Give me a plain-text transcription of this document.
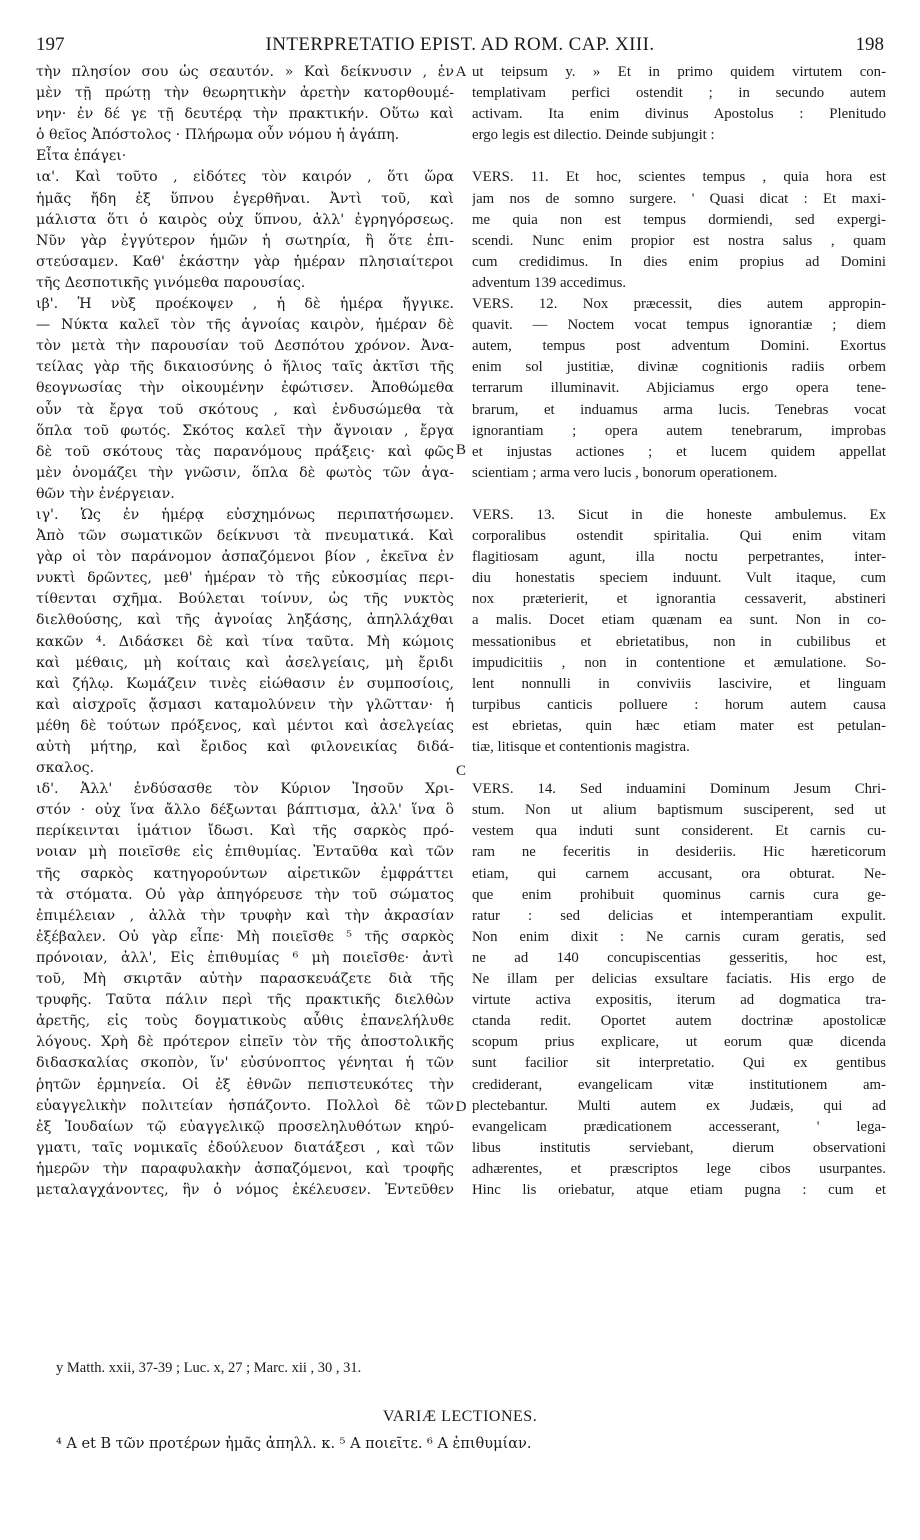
197	INTERPRETATIO EPIST. AD ROM. CAP. XIII.	198
τὴν πλησίον σου ὡς σεαυτόν. » Καὶ δείκνυσιν , ἐν
μὲν τῇ πρώτῃ τὴν θεωρητικὴν ἀρετὴν κατορθουμέ-
νην· ἐν δέ γε τῇ δευτέρᾳ τὴν πρακτικήν. Οὕτω καὶ
ὁ θεῖος Ἀπόστολος · Πλήρωμα οὖν νόμου ἡ ἀγάπη.
Εἶτα ἐπάγει·
ια'. Καὶ τοῦτο , εἰδότες τὸν καιρόν , ὅτι ὥρα
ἡμᾶς ἤδη ἐξ ὕπνου ἐγερθῆναι. Ἀντὶ τοῦ, καὶ
μάλιστα ὅτι ὁ καιρὸς οὐχ ὕπνου, ἀλλ' ἐγρηγόρσεως.
Νῦν γὰρ ἐγγύτερον ἡμῶν ἡ σωτηρία, ἢ ὅτε ἐπι-
στεύσαμεν. Καθ' ἑκάστην γὰρ ἡμέραν πλησιαίτεροι
τῆς Δεσποτικῆς γινόμεθα παρουσίας.
ιβ'. Ἡ νὺξ προέκοψεν , ἡ δὲ ἡμέρα ἤγγικε.
— Νύκτα καλεῖ τὸν τῆς ἀγνοίας καιρὸν, ἡμέραν δὲ
τὸν μετὰ τὴν παρουσίαν τοῦ Δεσπότου χρόνον. Ἀνα-
τείλας γὰρ τῆς δικαιοσύνης ὁ ἥλιος ταῖς ἀκτῖσι τῆς
θεογνωσίας τὴν οἰκουμένην ἐφώτισεν. Ἀποθώμεθα
οὖν τὰ ἔργα τοῦ σκότους , καὶ ἐνδυσώμεθα τὰ
ὅπλα τοῦ φωτός. Σκότος καλεῖ τὴν ἄγνοιαν , ἔργα
δὲ τοῦ σκότους τὰς παρανόμους πράξεις· καὶ φῶς
μὲν ὀνομάζει τὴν γνῶσιν, ὅπλα δὲ φωτὸς τῶν ἀγα-
θῶν τὴν ἐνέργειαν.
ιγ'. Ὡς ἐν ἡμέρᾳ εὐσχημόνως περιπατήσωμεν.
Ἀπὸ τῶν σωματικῶν δείκνυσι τὰ πνευματικά. Καὶ
γὰρ οἱ τὸν παράνομον ἀσπαζόμενοι βίον , ἐκεῖνα ἐν
νυκτὶ δρῶντες, μεθ' ἡμέραν τὸ τῆς εὐκοσμίας περι-
τίθενται σχῆμα. Βούλεται τοίνυν, ὡς τῆς νυκτὸς
διελθούσης, καὶ τῆς ἀγνοίας ληξάσης, ἀπηλλάχθαι
κακῶν ⁴. Διδάσκει δὲ καὶ τίνα ταῦτα. Μὴ κώμοις
καὶ μέθαις, μὴ κοίταις καὶ ἀσελγείαις, μὴ ἔριδι
καὶ ζήλῳ. Κωμάζειν τινὲς εἰώθασιν ἐν συμποσίοις,
καὶ αἰσχροῖς ᾄσμασι καταμολύνειν τὴν γλῶτταν· ἡ
μέθη δὲ τούτων πρόξενος, καὶ μέντοι καὶ ἀσελγείας
αὐτὴ μήτηρ, καὶ ἔριδος καὶ φιλονεικίας διδά-
σκαλος.
ιδ'. Ἀλλ' ἐνδύσασθε τὸν Κύριον Ἰησοῦν Χρι-
στόν · οὐχ ἵνα ἄλλο δέξωνται βάπτισμα, ἀλλ' ἵνα ὃ
περίκεινται ἱμάτιον ἴδωσι. Καὶ τῆς σαρκὸς πρό-
νοιαν μὴ ποιεῖσθε εἰς ἐπιθυμίας. Ἐνταῦθα καὶ τῶν
τῆς σαρκὸς κατηγορούντων αἱρετικῶν ἐμφράττει
τὰ στόματα. Οὐ γὰρ ἀπηγόρευσε τὴν τοῦ σώματος
ἐπιμέλειαν , ἀλλὰ τὴν τρυφὴν καὶ τὴν ἀκρασίαν
ἐξέβαλεν. Οὐ γὰρ εἶπε· Μὴ ποιεῖσθε ⁵ τῆς σαρκὸς
πρόνοιαν, ἀλλ', Εἰς ἐπιθυμίας ⁶ μὴ ποιεῖσθε· ἀντὶ
τοῦ, Μὴ σκιρτᾶν αὐτὴν παρασκευάζετε διὰ τῆς
τρυφῆς. Ταῦτα πάλιν περὶ τῆς πρακτικῆς διελθὼν
ἀρετῆς, εἰς τοὺς δογματικοὺς αὖθις ἐπανελήλυθε
λόγους. Χρὴ δὲ πρότερον εἰπεῖν τὸν τῆς ἀποστολικῆς
διδασκαλίας σκοπὸν, ἵν' εὐσύνοπτος γένηται ἡ τῶν
ῥητῶν ἑρμηνεία. Οἱ ἐξ ἐθνῶν πεπιστευκότες τὴν
εὐαγγελικὴν πολιτείαν ἠσπάζοντο. Πολλοὶ δὲ τῶν
ἐξ Ἰουδαίων τῷ εὐαγγελικῷ προσεληλυθότων κηρύ-
γματι, ταῖς νομικαῖς ἐδούλευον διατάξεσι , καὶ τῶν
ἡμερῶν τὴν παραφυλακὴν ἀσπαζόμενοι, καὶ τροφῆς
μεταλαγχάνοντες, ἣν ὁ νόμος ἐκέλευσεν. Ἐντεῦθεν
ut teipsum y. » Et in primo quidem virtutem con-
templativam perfici ostendit ; in secundo autem
activam. Ita enim divinus Apostolus : Plenitudo
ergo legis est dilectio. Deinde subjungit :
VERS. 11. Et hoc, scientes tempus , quia hora est
jam nos de somno surgere. ' Quasi dicat : Et maxi-
me quia non est tempus dormiendi, sed expergi-
scendi. Nunc enim propior est nostra salus , quam
cum credidimus. In dies enim propius ad Domini
adventum 139 accedimus.
VERS. 12. Nox præcessit, dies autem appropin-
quavit. — Noctem vocat tempus ignorantiæ ; diem
autem, tempus post adventum Domini. Exortus
enim sol justitiæ, divinæ cognitionis radiis orbem
terrarum illuminavit. Abjiciamus ergo opera tene-
brarum, et induamus arma lucis. Tenebras vocat
ignorantiam ; opera autem tenebrarum, improbas
et injustas actiones ; et lucem quidem appellat
scientiam ; arma vero lucis , bonorum operationem.
VERS. 13. Sicut in die honeste ambulemus. Ex
corporalibus ostendit spiritalia. Qui enim vitam
flagitiosam agunt, illa noctu perpetrantes, inter-
diu honestatis speciem induunt. Vult itaque, cum
nox præterierit, et ignorantia cessaverit, abstineri
a malis. Docet etiam quænam ea sunt. Non in co-
messationibus et ebrietatibus, non in cubilibus et
impudicitiis , non in contentione et æmulatione. So-
lent nonnulli in conviviis lascivire, et linguam
turpibus canticis polluere : horum autem causa
est ebrietas, quin hæc etiam mater est petulan-
tiæ, litisque et contentionis magistra.
VERS. 14. Sed induamini Dominum Jesum Chri-
stum. Non ut alium baptismum susciperent, sed ut
vestem qua induti sunt considerent. Et carnis cu-
ram ne feceritis in desideriis. Hic hæreticorum
etiam, qui carnem accusant, ora obturat. Ne-
que enim prohibuit quominus carnis cura ge-
ratur : sed delicias et intemperantiam expulit.
Non enim dixit : Ne carnis curam geratis, sed
ne ad 140 concupiscentias gesseritis, hoc est,
Ne illam per delicias exsultare faciatis. His ergo de
virtute activa expositis, iterum ad dogmatica tra-
ctanda redit. Oportet autem doctrinæ apostolicæ
scopum prius explicare, ut eorum quæ dicenda
sunt facilior sit interpretatio. Qui ex gentibus
crediderant, evangelicam vitæ institutionem am-
plectebantur. Multi autem ex Judæis, qui ad
evangelicam prædicationem accesserant, ' lega-
libus institutis serviebant, dierum observationi
adhærentes, et præscriptos lege cibos usurpantes.
Hinc lis oriebatur, atque etiam pugna : cum et
A
B
C
D
y Matth. xxii, 37-39 ; Luc. x, 27 ; Marc. xii , 30 , 31.
VARIÆ LECTIONES.
⁴ A et B τῶν προτέρων ἡμᾶς ἀπηλλ. κ. ⁵ A ποιεῖτε. ⁶ A ἐπιθυμίαν.
